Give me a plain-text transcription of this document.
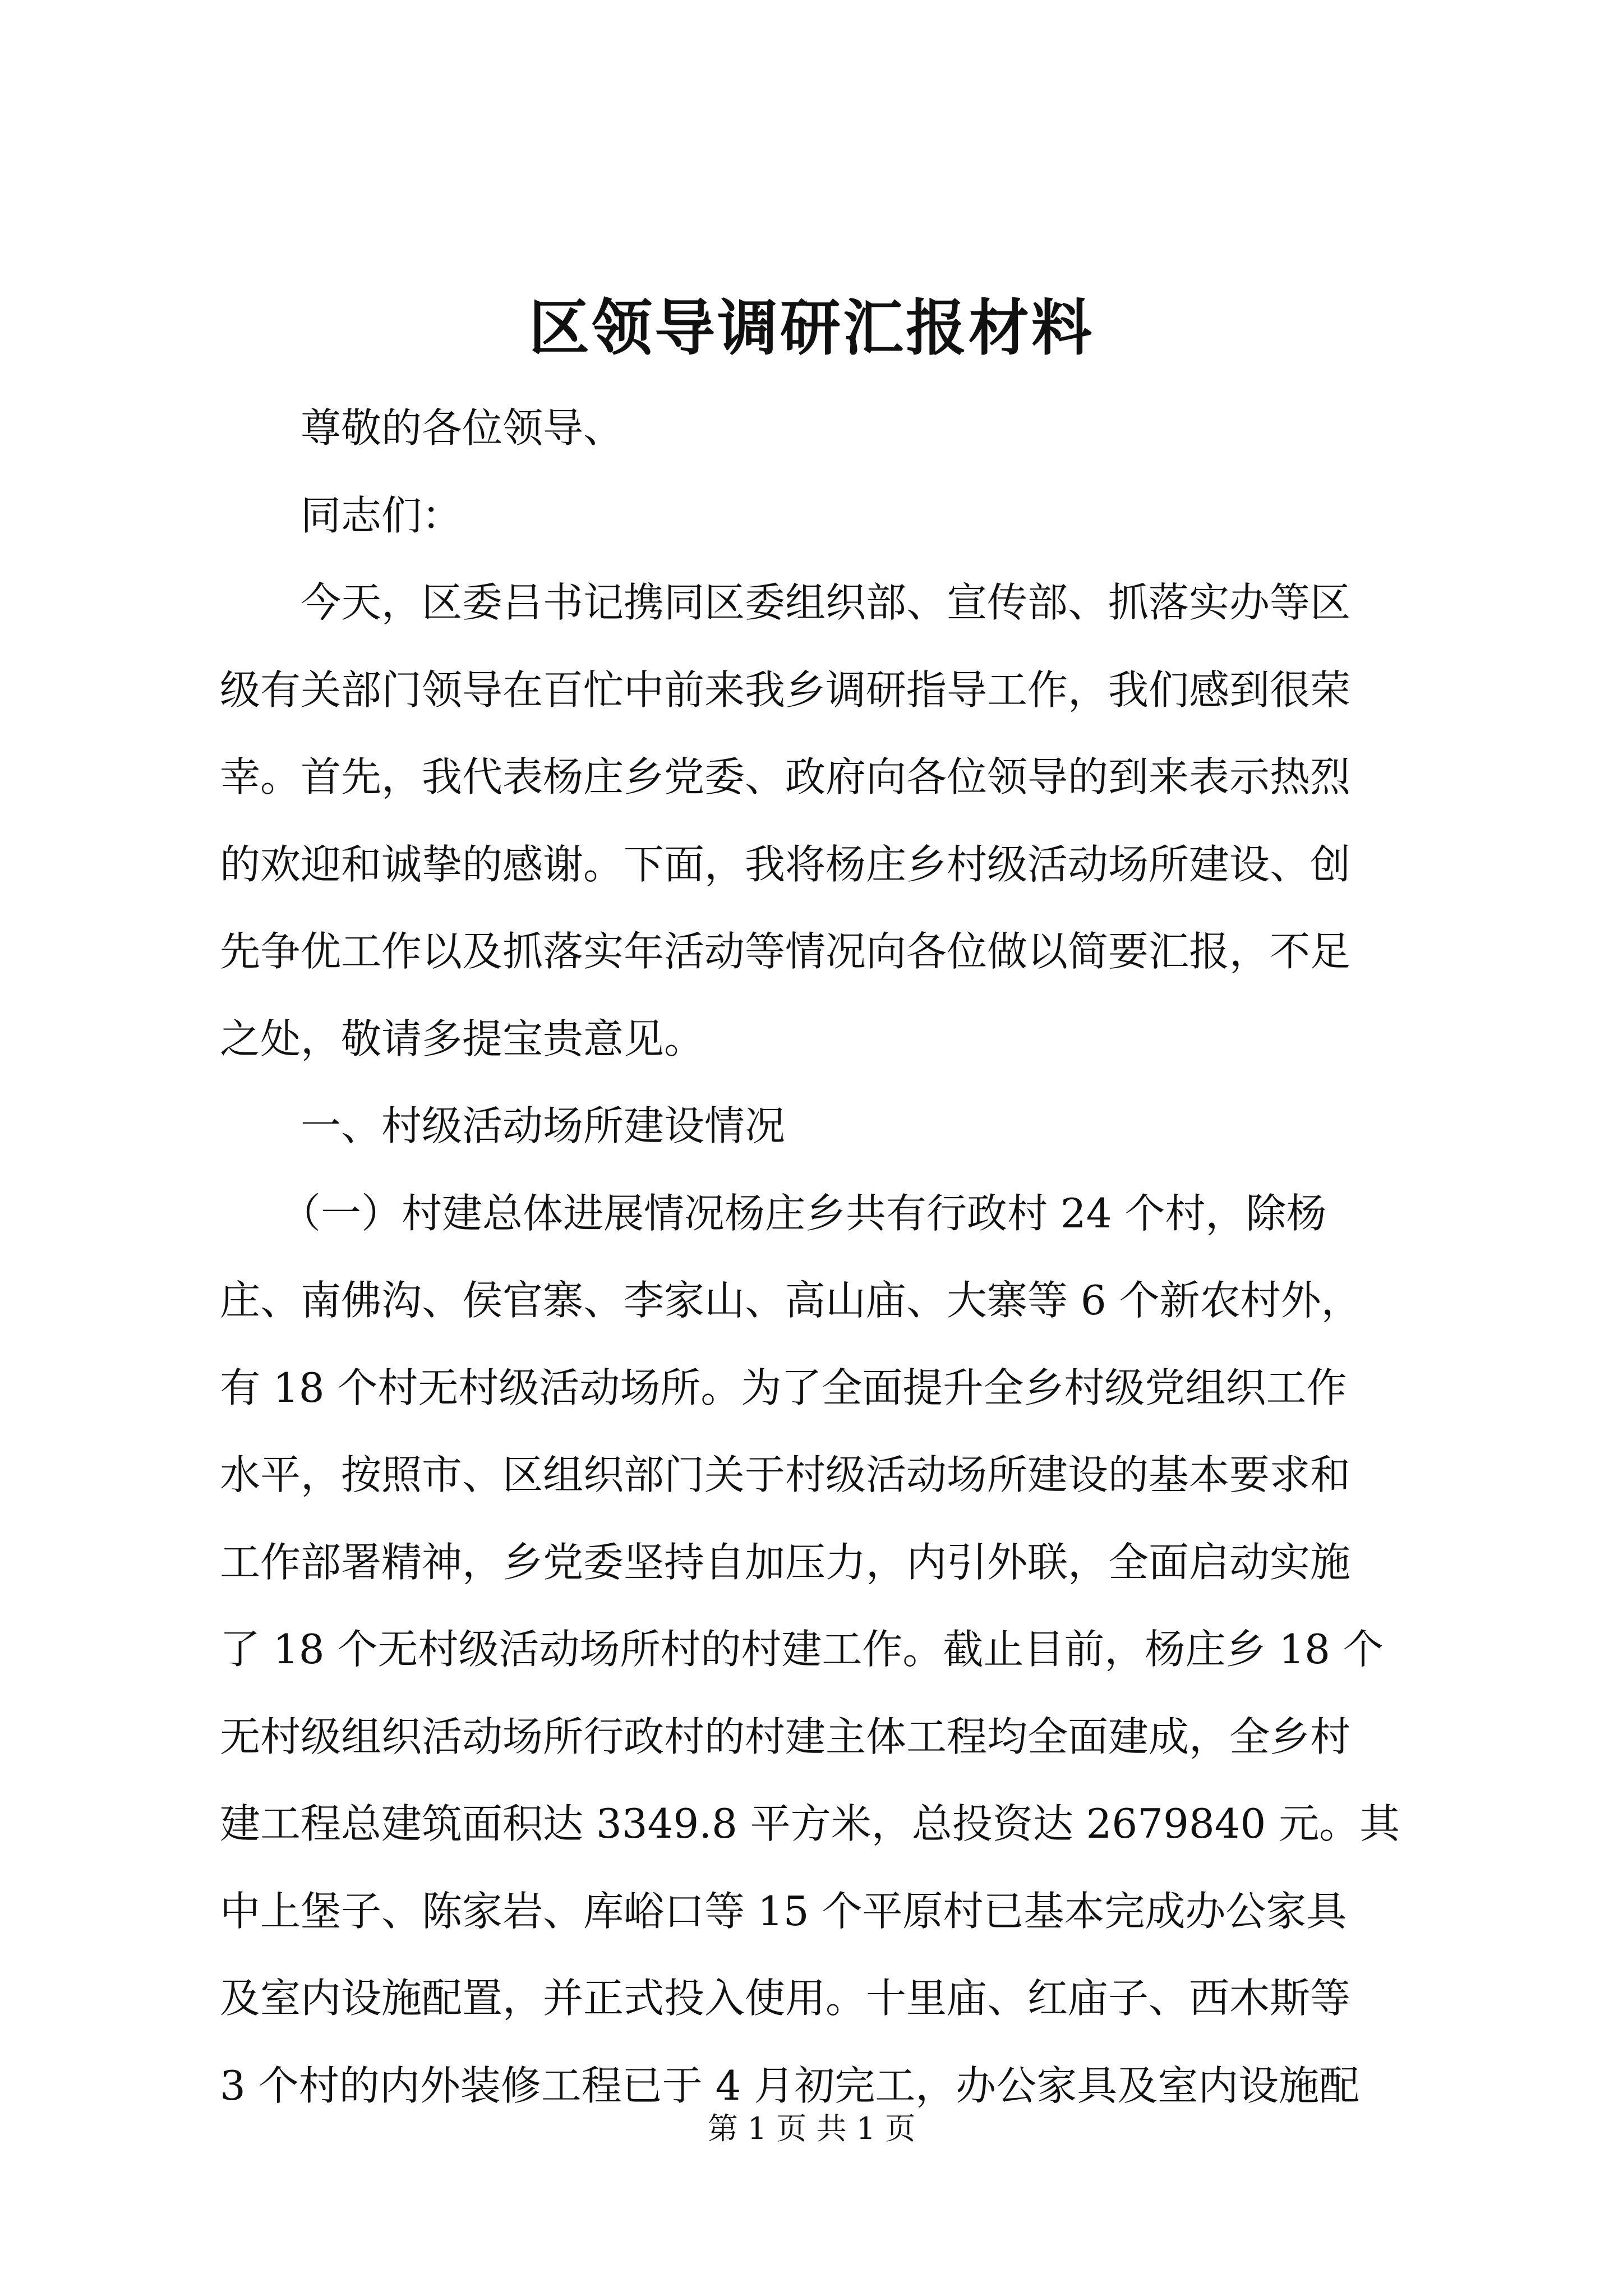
区领导调研汇报材料
　　尊敬的各位领导、
　　同志们：
　　今天，区委吕书记携同区委组织部、宣传部、抓落实办等区
级有关部门领导在百忙中前来我乡调研指导工作，我们感到很荣
幸。首先，我代表杨庄乡党委、政府向各位领导的到来表示热烈
的欢迎和诚挚的感谢。下面，我将杨庄乡村级活动场所建设、创
先争优工作以及抓落实年活动等情况向各位做以简要汇报，不足
之处，敬请多提宝贵意见。
　　一、村级活动场所建设情况
　　（一）村建总体进展情况杨庄乡共有行政村 24 个村，除杨
庄、南佛沟、侯官寨、李家山、高山庙、大寨等 6 个新农村外，
有 18 个村无村级活动场所。为了全面提升全乡村级党组织工作
水平，按照市、区组织部门关于村级活动场所建设的基本要求和
工作部署精神，乡党委坚持自加压力，内引外联，全面启动实施
了 18 个无村级活动场所村的村建工作。截止目前，杨庄乡 18 个
无村级组织活动场所行政村的村建主体工程均全面建成，全乡村
建工程总建筑面积达 3349.8 平方米，总投资达 2679840 元。其
中上堡子、陈家岩、库峪口等 15 个平原村已基本完成办公家具
及室内设施配置，并正式投入使用。十里庙、红庙子、西木斯等
3 个村的内外装修工程已于 4 月初完工，办公家具及室内设施配
第 1 页 共 1 页
